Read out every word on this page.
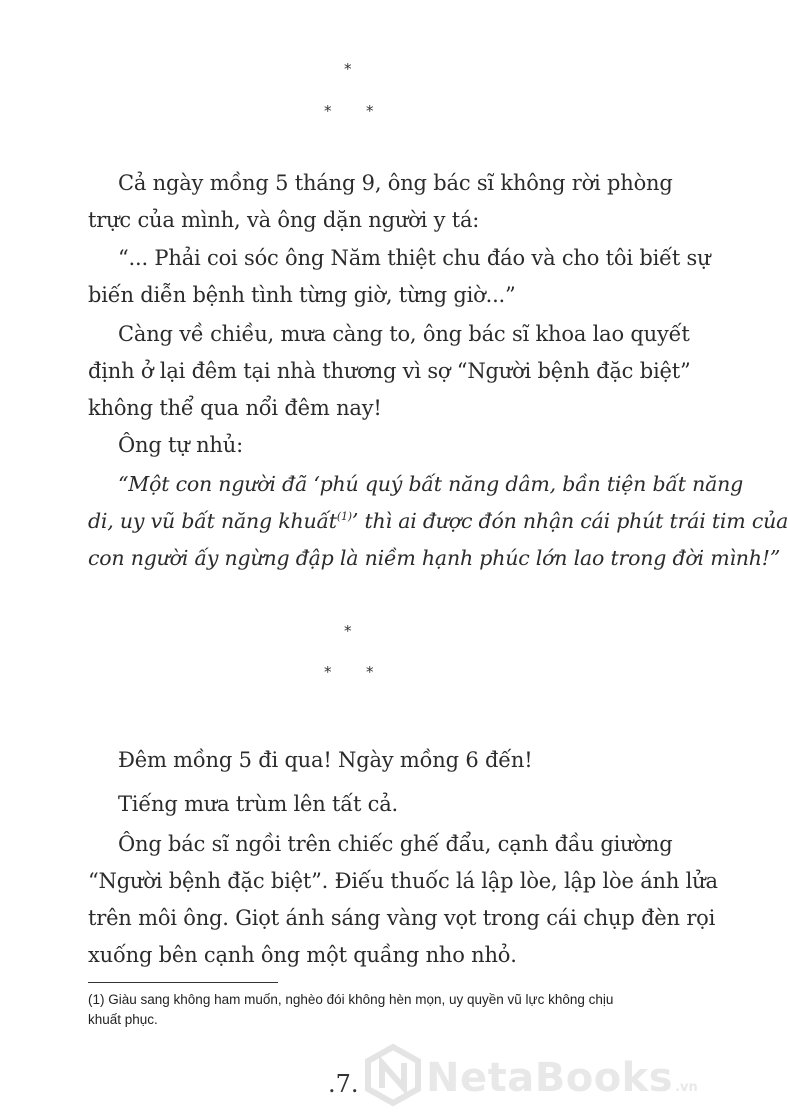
*
* *

Cả ngày mồng 5 tháng 9, ông bác sĩ không rời phòng
trực của mình, và ông dặn người y tá:

“... Phải coi sóc ông Năm thiệt chu đáo và cho tôi biết sự
biến diễn bệnh tình từng giờ, từng giờ...”

Càng về chiều, mưa càng to, ông bác sĩ khoa lao quyết
định ở lại đêm tại nhà thương vì sợ “Người bệnh đặc biệt”
không thể qua nổi đêm nay!

Ông tự nhủ:

“Một con người đã ‘phú quý bất năng dâm, bần tiện bất năng
di, uy vũ bất năng khuất$^{(1)}$’ thì ai được đón nhận cái phút trái tim của
con người ấy ngừng đập là niềm hạnh phúc lớn lao trong đời mình!”

*
* *

Đêm mồng 5 đi qua! Ngày mồng 6 đến!

Tiếng mưa trùm lên tất cả.

Ông bác sĩ ngồi trên chiếc ghế đẩu, cạnh đầu giường
“Người bệnh đặc biệt”. Điếu thuốc lá lập lòe, lập lòe ánh lửa
trên môi ông. Giọt ánh sáng vàng vọt trong cái chụp đèn rọi
xuống bên cạnh ông một quầng nho nhỏ.

(1) Giàu sang không ham muốn, nghèo đói không hèn mọn, uy quyền vũ lực không chịu
khuất phục.
NetaBooks .vn
.7.
